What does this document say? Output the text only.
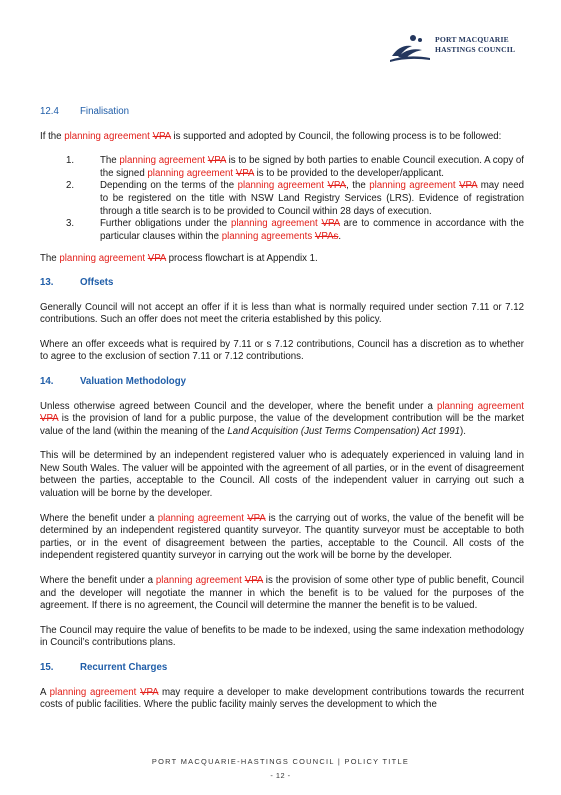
PORT MACQUARIE
HASTINGS COUNCIL
12.4	Finalisation

If the planning agreement VPA is supported and adopted by Council, the following process is to be followed:

1.	The planning agreement VPA is to be signed by both parties to enable Council execution. A copy of the signed planning agreement VPA is to be provided to the developer/applicant.
2.	Depending on the terms of the planning agreement VPA, the planning agreement VPA may need to be registered on the title with NSW Land Registry Services (LRS). Evidence of registration through a title search is to be provided to Council within 28 days of execution.
3.	Further obligations under the planning agreement VPA are to commence in accordance with the particular clauses within the planning agreements VPAs.

The planning agreement VPA process flowchart is at Appendix 1.

13.	Offsets

Generally Council will not accept an offer if it is less than what is normally required under section 7.11 or 7.12 contributions. Such an offer does not meet the criteria established by this policy.

Where an offer exceeds what is required by 7.11 or s 7.12 contributions, Council has a discretion as to whether to agree to the exclusion of section 7.11 or 7.12 contributions.

14.	Valuation Methodology

Unless otherwise agreed between Council and the developer, where the benefit under a planning agreement VPA is the provision of land for a public purpose, the value of the development contribution will be the market value of the land (within the meaning of the Land Acquisition (Just Terms Compensation) Act 1991).

This will be determined by an independent registered valuer who is adequately experienced in valuing land in New South Wales. The valuer will be appointed with the agreement of all parties, or in the event of disagreement between the parties, acceptable to the Council. All costs of the independent valuer in carrying out such a valuation will be borne by the developer.

Where the benefit under a planning agreement VPA is the carrying out of works, the value of the benefit will be determined by an independent registered quantity surveyor. The quantity surveyor must be acceptable to both parties, or in the event of disagreement between the parties, acceptable to the Council. All costs of the independent registered quantity surveyor in carrying out the work will be borne by the developer.

Where the benefit under a planning agreement VPA is the provision of some other type of public benefit, Council and the developer will negotiate the manner in which the benefit is to be valued for the purposes of the agreement. If there is no agreement, the Council will determine the manner the benefit is to be valued.

The Council may require the value of benefits to be made to be indexed, using the same indexation methodology in Council’s contributions plans.

15.	Recurrent Charges

A planning agreement VPA may require a developer to make development contributions towards the recurrent costs of public facilities. Where the public facility mainly serves the development to which the

PORT MACQUARIE-HASTINGS COUNCIL | POLICY TITLE
- 12 -
